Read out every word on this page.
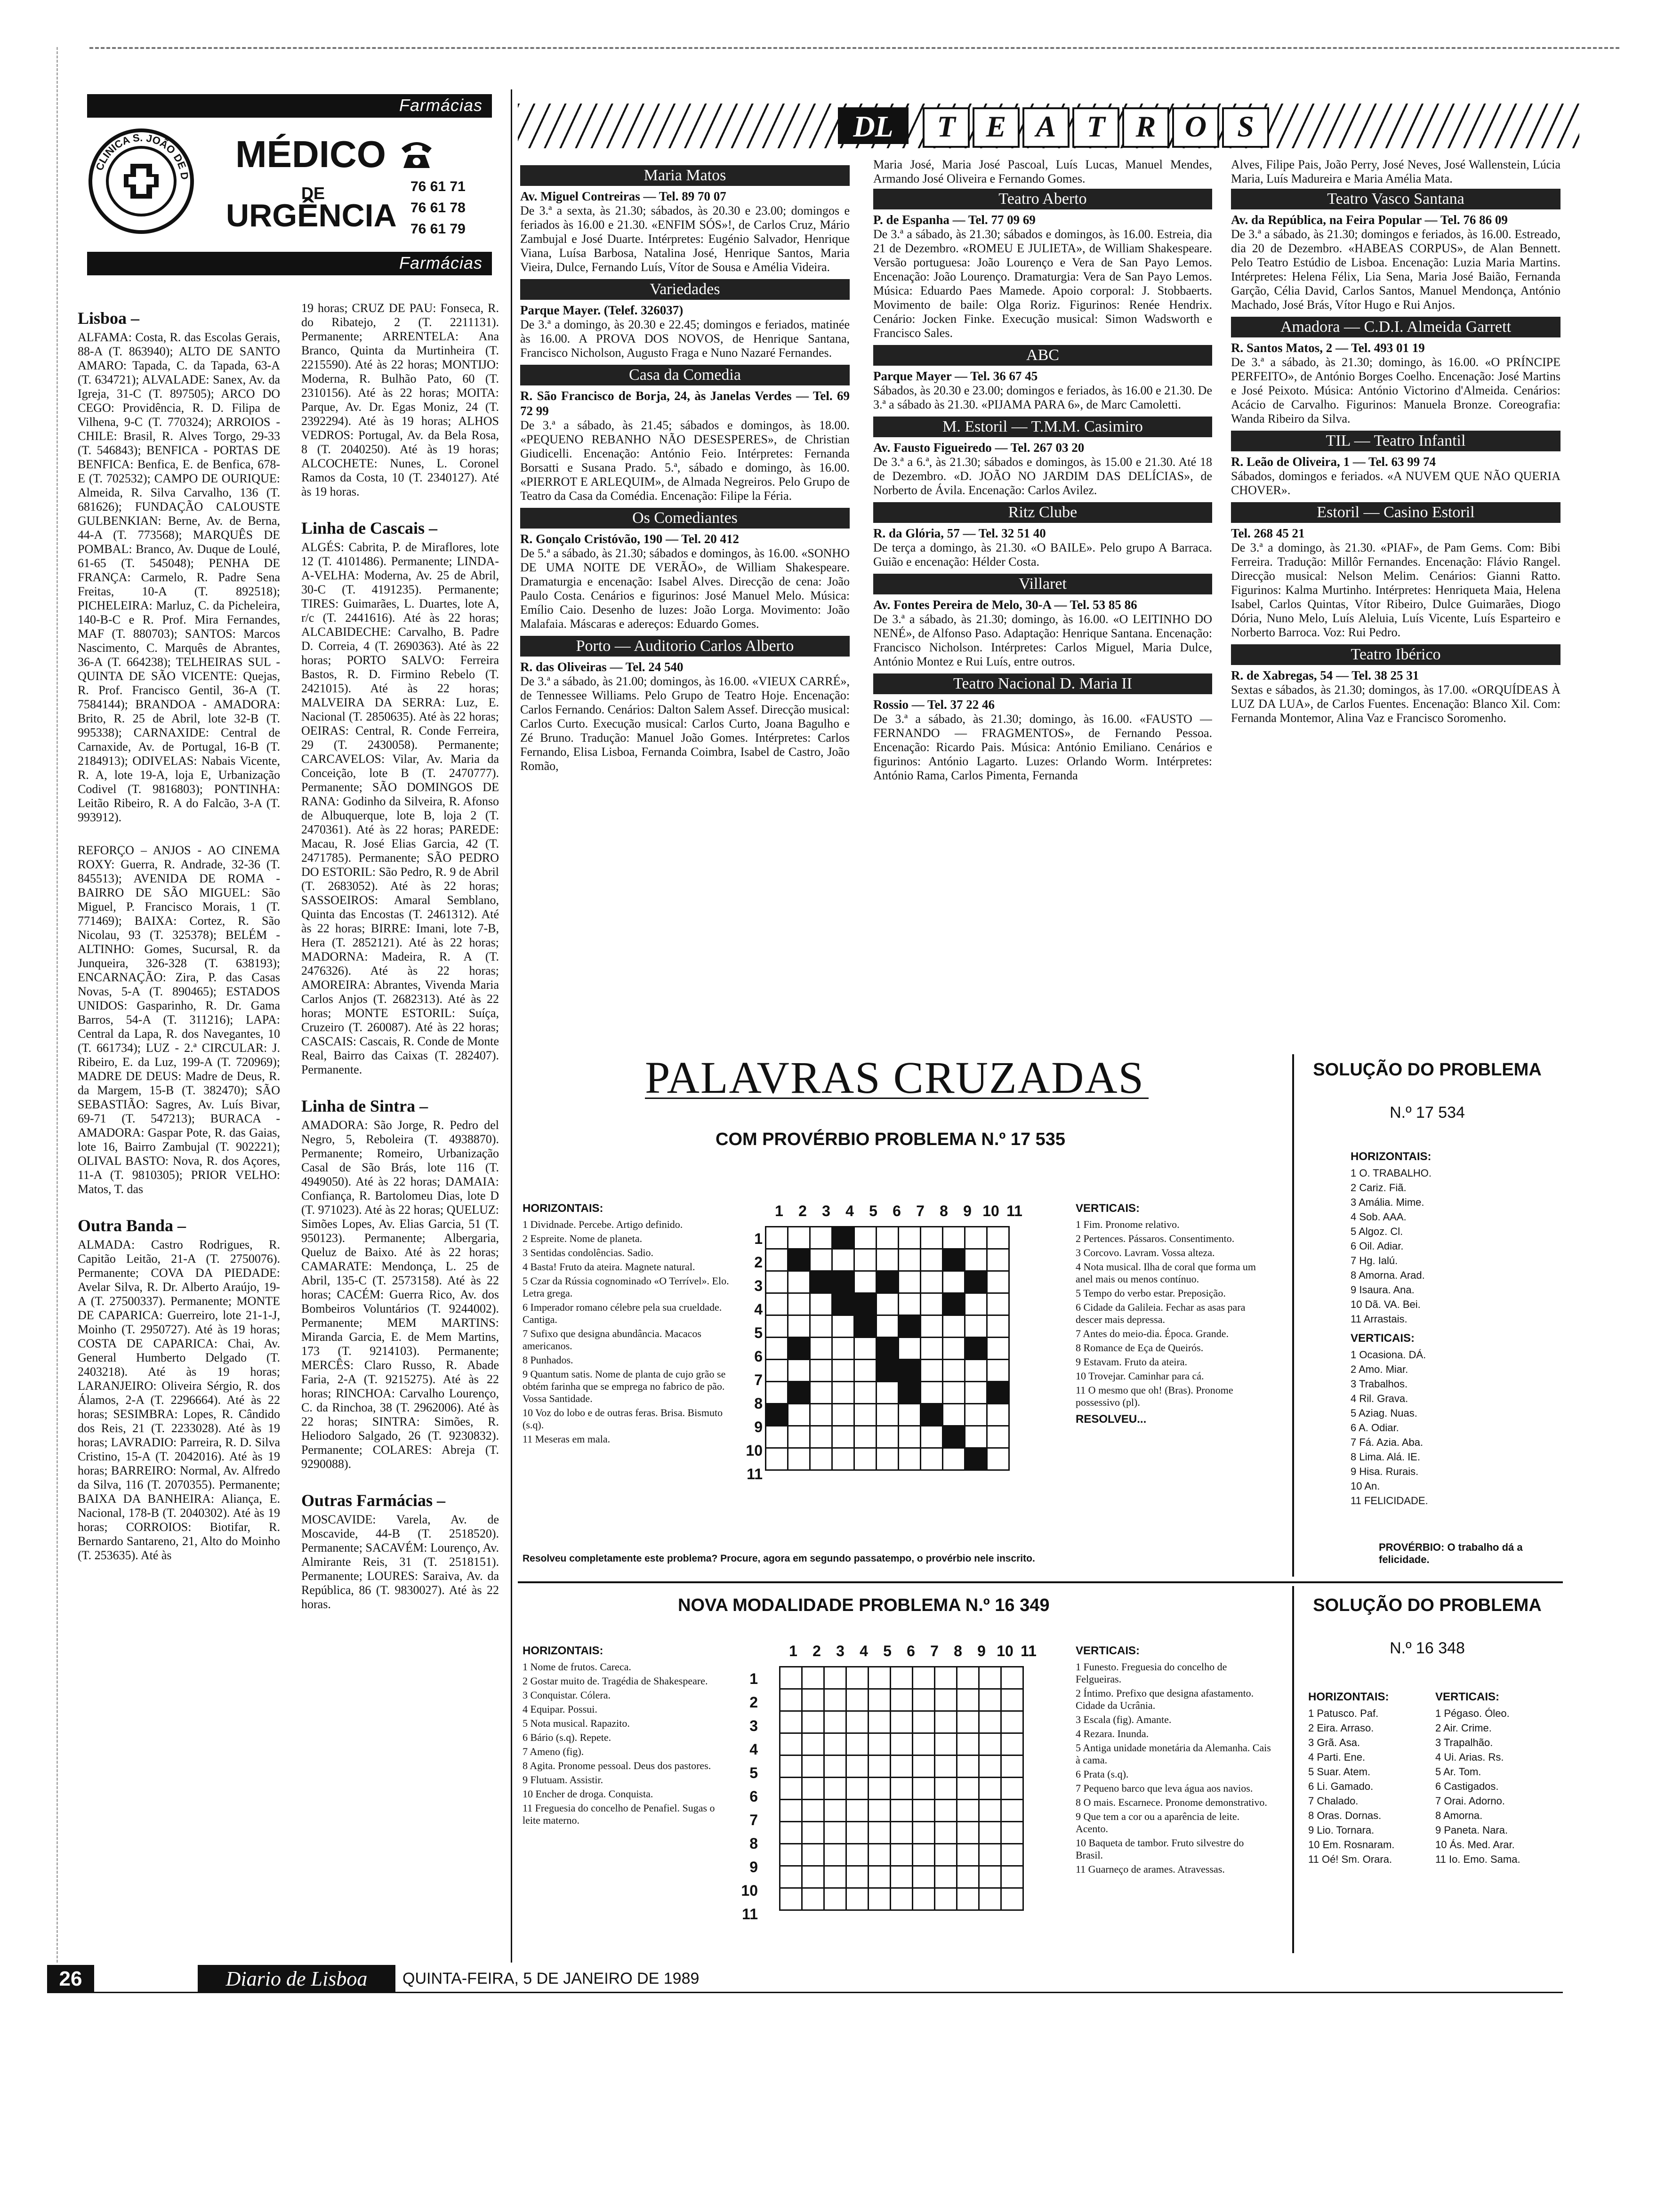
Farmácias
CLINICA S. JOÃO DE D
MÉDICO
DE
URGÊNCIA
76 61 71
76 61 78
76 61 79
Farmácias
Lisboa –

ALFAMA: Costa, R. das Escolas Gerais, 88-A (T. 863940); ALTO DE SANTO AMARO: Tapada, C. da Tapada, 63-A (T. 634721); ALVALADE: Sanex, Av. da Igreja, 31-C (T. 897505); ARCO DO CEGO: Providência, R. D. Filipa de Vilhena, 9-C (T. 770324); ARROIOS - CHILE: Brasil, R. Alves Torgo, 29-33 (T. 546843); BENFICA - PORTAS DE BENFICA: Benfica, E. de Benfica, 678-E (T. 702532); CAMPO DE OURIQUE: Almeida, R. Silva Carvalho, 136 (T. 681626); FUNDAÇÃO CALOUSTE GULBENKIAN: Berne, Av. de Berna, 44-A (T. 773568); MARQUÊS DE POMBAL: Branco, Av. Duque de Loulé, 61-65 (T. 545048); PENHA DE FRANÇA: Carmelo, R. Padre Sena Freitas, 10-A (T. 892518); PICHELEIRA: Marluz, C. da Picheleira, 140-B-C e R. Prof. Mira Fernandes, MAF (T. 880703); SANTOS: Marcos Nascimento, C. Marquês de Abrantes, 36-A (T. 664238); TELHEIRAS SUL - QUINTA DE SÃO VICENTE: Quejas, R. Prof. Francisco Gentil, 36-A (T. 7584144); BRANDOA - AMADORA: Brito, R. 25 de Abril, lote 32-B (T. 995338); CARNAXIDE: Central de Carnaxide, Av. de Portugal, 16-B (T. 2184913); ODIVELAS: Nabais Vicente, R. A, lote 19-A, loja E, Urbanização Codivel (T. 9816803); PONTINHA: Leitão Ribeiro, R. A do Falcão, 3-A (T. 993912).

REFORÇO – ANJOS - AO CINEMA ROXY: Guerra, R. Andrade, 32-36 (T. 845513); AVENIDA DE ROMA - BAIRRO DE SÃO MIGUEL: São Miguel, P. Francisco Morais, 1 (T. 771469); BAIXA: Cortez, R. São Nicolau, 93 (T. 325378); BELÉM - ALTINHO: Gomes, Sucursal, R. da Junqueira, 326-328 (T. 638193); ENCARNAÇÃO: Zira, P. das Casas Novas, 5-A (T. 890465); ESTADOS UNIDOS: Gasparinho, R. Dr. Gama Barros, 54-A (T. 311216); LAPA: Central da Lapa, R. dos Navegantes, 10 (T. 661734); LUZ - 2.ª CIRCULAR: J. Ribeiro, E. da Luz, 199-A (T. 720969); MADRE DE DEUS: Madre de Deus, R. da Margem, 15-B (T. 382470); SÃO SEBASTIÃO: Sagres, Av. Luís Bivar, 69-71 (T. 547213); BURACA - AMADORA: Gaspar Pote, R. das Gaias, lote 16, Bairro Zambujal (T. 902221); OLIVAL BASTO: Nova, R. dos Açores, 11-A (T. 9810305); PRIOR VELHO: Matos, T. das

Outra Banda –

ALMADA: Castro Rodrigues, R. Capitão Leitão, 21-A (T. 2750076). Permanente; COVA DA PIEDADE: Avelar Silva, R. Dr. Alberto Araújo, 19-A (T. 27500337). Permanente; MONTE DE CAPARICA: Guerreiro, lote 21-1-J, Moinho (T. 2950727). Até às 19 horas; COSTA DE CAPARICA: Chai, Av. General Humberto Delgado (T. 2403218). Até às 19 horas; LARANJEIRO: Oliveira Sérgio, R. dos Álamos, 2-A (T. 2296664). Até às 22 horas; SESIMBRA: Lopes, R. Cândido dos Reis, 21 (T. 2233028). Até às 19 horas; LAVRADIO: Parreira, R. D. Silva Cristino, 15-A (T. 2042016). Até às 19 horas; BARREIRO: Normal, Av. Alfredo da Silva, 116 (T. 2070355). Permanente; BAIXA DA BANHEIRA: Aliança, E. Nacional, 178-B (T. 2040302). Até às 19 horas; CORROIOS: Biotifar, R. Bernardo Santareno, 21, Alto do Moinho (T. 253635). Até às

19 horas; CRUZ DE PAU: Fonseca, R. do Ribatejo, 2 (T. 2211131). Permanente; ARRENTELA: Ana Branco, Quinta da Murtinheira (T. 2215590). Até às 22 horas; MONTIJO: Moderna, R. Bulhão Pato, 60 (T. 2310156). Até às 22 horas; MOITA: Parque, Av. Dr. Egas Moniz, 24 (T. 2392294). Até às 19 horas; ALHOS VEDROS: Portugal, Av. da Bela Rosa, 8 (T. 2040250). Até às 19 horas; ALCOCHETE: Nunes, L. Coronel Ramos da Costa, 10 (T. 2340127). Até às 19 horas.

Linha de Cascais –

ALGÉS: Cabrita, P. de Miraflores, lote 12 (T. 4101486). Permanente; LINDA-A-VELHA: Moderna, Av. 25 de Abril, 30-C (T. 4191235). Permanente; TIRES: Guimarães, L. Duartes, lote A, r/c (T. 2441616). Até às 22 horas; ALCABIDECHE: Carvalho, B. Padre D. Correia, 4 (T. 2690363). Até às 22 horas; PORTO SALVO: Ferreira Bastos, R. D. Firmino Rebelo (T. 2421015). Até às 22 horas; MALVEIRA DA SERRA: Luz, E. Nacional (T. 2850635). Até às 22 horas; OEIRAS: Central, R. Conde Ferreira, 29 (T. 2430058). Permanente; CARCAVELOS: Vilar, Av. Maria da Conceição, lote B (T. 2470777). Permanente; SÃO DOMINGOS DE RANA: Godinho da Silveira, R. Afonso de Albuquerque, lote B, loja 2 (T. 2470361). Até às 22 horas; PAREDE: Macau, R. José Elias Garcia, 42 (T. 2471785). Permanente; SÃO PEDRO DO ESTORIL: São Pedro, R. 9 de Abril (T. 2683052). Até às 22 horas; SASSOEIROS: Amaral Semblano, Quinta das Encostas (T. 2461312). Até às 22 horas; BIRRE: Imani, lote 7-B, Hera (T. 2852121). Até às 22 horas; MADORNA: Madeira, R. A (T. 2476326). Até às 22 horas; AMOREIRA: Abrantes, Vivenda Maria Carlos Anjos (T. 2682313). Até às 22 horas; MONTE ESTORIL: Suíça, Cruzeiro (T. 260087). Até às 22 horas; CASCAIS: Cascais, R. Conde de Monte Real, Bairro das Caixas (T. 282407). Permanente.

Linha de Sintra –

AMADORA: São Jorge, R. Pedro del Negro, 5, Reboleira (T. 4938870). Permanente; Romeiro, Urbanização Casal de São Brás, lote 116 (T. 4949050). Até às 22 horas; DAMAIA: Confiança, R. Bartolomeu Dias, lote D (T. 971023). Até às 22 horas; QUELUZ: Simões Lopes, Av. Elias Garcia, 51 (T. 950123). Permanente; Albergaria, Queluz de Baixo. Até às 22 horas; CAMARATE: Mendonça, L. 25 de Abril, 135-C (T. 2573158). Até às 22 horas; CACÉM: Guerra Rico, Av. dos Bombeiros Voluntários (T. 9244002). Permanente; MEM MARTINS: Miranda Garcia, E. de Mem Martins, 173 (T. 9214103). Permanente; MERCÊS: Claro Russo, R. Abade Faria, 2-A (T. 9215275). Até às 22 horas; RINCHOA: Carvalho Lourenço, C. da Rinchoa, 38 (T. 2962006). Até às 22 horas; SINTRA: Simões, R. Heliodoro Salgado, 26 (T. 9230832). Permanente; COLARES: Abreja (T. 9290088).

Outras Farmácias –

MOSCAVIDE: Varela, Av. de Moscavide, 44-B (T. 2518520). Permanente; SACAVÉM: Lourenço, Av. Almirante Reis, 31 (T. 2518151). Permanente; LOURES: Saraiva, Av. da República, 86 (T. 9830027). Até às 22 horas.

DL	T	E A	T	R O	S
Maria Matos
Av. Miguel Contreiras — Tel. 89 70 07
De 3.ª a sexta, às 21.30; sábados, às 20.30 e 23.00; domingos e feriados às 16.00 e 21.30. «ENFIM SÓS»!, de Carlos Cruz, Mário Zambujal e José Duarte. Intérpretes: Eugénio Salvador, Henrique Viana, Luísa Barbosa, Natalina José, Henrique Santos, Maria Vieira, Dulce, Fernando Luís, Vítor de Sousa e Amélia Videira.
Variedades
Parque Mayer. (Telef. 326037)
De 3.ª a domingo, às 20.30 e 22.45; domingos e feriados, matinée às 16.00. A PROVA DOS NOVOS, de Henrique Santana, Francisco Nicholson, Augusto Fraga e Nuno Nazaré Fernandes.
Casa da Comedia
R. São Francisco de Borja, 24, às Janelas Verdes — Tel. 69 72 99
De 3.ª a sábado, às 21.45; sábados e domingos, às 18.00. «PEQUENO REBANHO NÃO DESESPERES», de Christian Giudicelli. Encenação: António Feio. Intérpretes: Fernanda Borsatti e Susana Prado. 5.ª, sábado e domingo, às 16.00. «PIERROT E ARLEQUIM», de Almada Negreiros. Pelo Grupo de Teatro da Casa da Comédia. Encenação: Filipe la Féria.
Os Comediantes
R. Gonçalo Cristóvão, 190 — Tel. 20 412
De 5.ª a sábado, às 21.30; sábados e domingos, às 16.00. «SONHO DE UMA NOITE DE VERÃO», de William Shakespeare. Dramaturgia e encenação: Isabel Alves. Direcção de cena: João Paulo Costa. Cenários e figurinos: José Manuel Melo. Música: Emílio Caio. Desenho de luzes: João Lorga. Movimento: João Malafaia. Máscaras e adereços: Eduardo Gomes.
Porto — Auditorio Carlos Alberto
R. das Oliveiras — Tel. 24 540
De 3.ª a sábado, às 21.00; domingos, às 16.00. «VIEUX CARRÉ», de Tennessee Williams. Pelo Grupo de Teatro Hoje. Encenação: Carlos Fernando. Cenários: Dalton Salem Assef. Direcção musical: Carlos Curto. Execução musical: Carlos Curto, Joana Bagulho e Zé Bruno. Tradução: Manuel João Gomes. Intérpretes: Carlos Fernando, Elisa Lisboa, Fernanda Coimbra, Isabel de Castro, João Romão,
Maria José, Maria José Pascoal, Luís Lucas, Manuel Mendes, Armando José Oliveira e Fernando Gomes.
Teatro Aberto
P. de Espanha — Tel. 77 09 69
De 3.ª a sábado, às 21.30; sábados e domingos, às 16.00. Estreia, dia 21 de Dezembro. «ROMEU E JULIETA», de William Shakespeare. Versão portuguesa: João Lourenço e Vera de San Payo Lemos. Encenação: João Lourenço. Dramaturgia: Vera de San Payo Lemos. Música: Eduardo Paes Mamede. Apoio corporal: J. Stobbaerts. Movimento de baile: Olga Roriz. Figurinos: Renée Hendrix. Cenário: Jocken Finke. Execução musical: Simon Wadsworth e Francisco Sales.
ABC
Parque Mayer — Tel. 36 67 45
Sábados, às 20.30 e 23.00; domingos e feriados, às 16.00 e 21.30. De 3.ª a sábado às 21.30. «PIJAMA PARA 6», de Marc Camoletti.
M. Estoril — T.M.M. Casimiro
Av. Fausto Figueiredo — Tel. 267 03 20
De 3.ª a 6.ª, às 21.30; sábados e domingos, às 15.00 e 21.30. Até 18 de Dezembro. «D. JOÃO NO JARDIM DAS DELÍCIAS», de Norberto de Ávila. Encenação: Carlos Avilez.
Ritz Clube
R. da Glória, 57 — Tel. 32 51 40
De terça a domingo, às 21.30. «O BAILE». Pelo grupo A Barraca. Guião e encenação: Hélder Costa.
Villaret
Av. Fontes Pereira de Melo, 30-A — Tel. 53 85 86
De 3.ª a sábado, às 21.30; domingo, às 16.00. «O LEITINHO DO NENÉ», de Alfonso Paso. Adaptação: Henrique Santana. Encenação: Francisco Nicholson. Intérpretes: Carlos Miguel, Maria Dulce, António Montez e Rui Luís, entre outros.
Teatro Nacional D. Maria II
Rossio — Tel. 37 22 46
De 3.ª a sábado, às 21.30; domingo, às 16.00. «FAUSTO — FERNANDO — FRAGMENTOS», de Fernando Pessoa. Encenação: Ricardo Pais. Música: António Emiliano. Cenários e figurinos: António Lagarto. Luzes: Orlando Worm. Intérpretes: António Rama, Carlos Pimenta, Fernanda
Alves, Filipe Pais, João Perry, José Neves, José Wallenstein, Lúcia Maria, Luís Madureira e Maria Amélia Mata.
Teatro Vasco Santana
Av. da República, na Feira Popular — Tel. 76 86 09
De 3.ª a sábado, às 21.30; domingos e feriados, às 16.00. Estreado, dia 20 de Dezembro. «HABEAS CORPUS», de Alan Bennett. Pelo Teatro Estúdio de Lisboa. Encenação: Luzia Maria Martins. Intérpretes: Helena Félix, Lia Sena, Maria José Baião, Fernanda Garção, Célia David, Carlos Santos, Manuel Mendonça, António Machado, José Brás, Vítor Hugo e Rui Anjos.
Amadora — C.D.I. Almeida Garrett
R. Santos Matos, 2 — Tel. 493 01 19
De 3.ª a sábado, às 21.30; domingo, às 16.00. «O PRÍNCIPE PERFEITO», de António Borges Coelho. Encenação: José Martins e José Peixoto. Música: António Victorino d'Almeida. Cenários: Acácio de Carvalho. Figurinos: Manuela Bronze. Coreografia: Wanda Ribeiro da Silva.
TIL — Teatro Infantil
R. Leão de Oliveira, 1 — Tel. 63 99 74
Sábados, domingos e feriados. «A NUVEM QUE NÃO QUERIA CHOVER».
Estoril — Casino Estoril
Tel. 268 45 21
De 3.ª a domingo, às 21.30. «PIAF», de Pam Gems. Com: Bibi Ferreira. Tradução: Millôr Fernandes. Encenação: Flávio Rangel. Direcção musical: Nelson Melim. Cenários: Gianni Ratto. Figurinos: Kalma Murtinho. Intérpretes: Henriqueta Maia, Helena Isabel, Carlos Quintas, Vítor Ribeiro, Dulce Guimarães, Diogo Dória, Nuno Melo, Luís Aleluia, Luís Vicente, Luís Esparteiro e Norberto Barroca. Voz: Rui Pedro.
Teatro Ibérico
R. de Xabregas, 54 — Tel. 38 25 31
Sextas e sábados, às 21.30; domingos, às 17.00. «ORQUÍDEAS À LUZ DA LUA», de Carlos Fuentes. Encenação: Blanco Xil. Com: Fernanda Montemor, Alina Vaz e Francisco Soromenho.
PALAVRAS CRUZADAS
COM PROVÉRBIO PROBLEMA N.º 17 535
HORIZONTAIS:
1 Dividnade. Percebe. Artigo definido.
2 Espreite. Nome de planeta.
3 Sentidas condolências. Sadio.
4 Basta! Fruto da ateira. Magnete natural.
5 Czar da Rússia cognominado «O Terrível». Elo. Letra grega.
6 Imperador romano célebre pela sua crueldade. Cantiga.
7 Sufixo que designa abundância. Macacos americanos.
8 Punhados.
9 Quantum satis. Nome de planta de cujo grão se obtém farinha que se emprega no fabrico de pão. Vossa Santidade.
10 Voz do lobo e de outras feras. Brisa. Bismuto (s.q).
11 Meseras em mala.
1	2	3	4	5	6	7	8	9 10 11
1
2
3
4
5
6
7
8
9
10
11

VERTICAIS:
1 Fim. Pronome relativo.
2 Pertences. Pássaros. Consentimento.
3 Corcovo. Lavram. Vossa alteza.
4 Nota musical. Ilha de coral que forma um anel mais ou menos contínuo.
5 Tempo do verbo estar. Preposição.
6 Cidade da Galileia. Fechar as asas para descer mais depressa.
7 Antes do meio-dia. Época. Grande.
8 Romance de Eça de Queirós.
9 Estavam. Fruto da ateira.
10 Trovejar. Caminhar para cá.
11 O mesmo que oh! (Bras). Pronome possessivo (pl).
RESOLVEU...
Resolveu completamente este problema? Procure, agora em segundo passatempo, o provérbio nele inscrito.
SOLUÇÃO DO PROBLEMA
N.º 17 534
HORIZONTAIS:
1 O. TRABALHO.
2 Cariz. Fiã.
3 Amália. Mime.
4 Sob. AAA.
5 Algoz. Cl.
6 Oil. Adiar.
7 Hg. Ialú.
8 Amorna. Arad.
9 Isaura. Ana.
10 Dã. VA. Bei.
11 Arrastais.
VERTICAIS:
1 Ocasiona. DÁ.
2 Amo. Miar.
3 Trabalhos.
4 Ril. Grava.
5 Aziag. Nuas.
6 A. Odiar.
7 Fá. Azia. Aba.
8 Lima. Alá. IE.
9 Hisa. Rurais.
10 An.
11 FELICIDADE.
PROVÉRBIO: O trabalho dá a felicidade.
NOVA MODALIDADE PROBLEMA N.º 16 349
HORIZONTAIS:
1 Nome de frutos. Careca.
2 Gostar muito de. Tragédia de Shakespeare.
3 Conquistar. Cólera.
4 Equipar. Possui.
5 Nota musical. Rapazito.
6 Bário (s.q). Repete.
7 Ameno (fig).
8 Agita. Pronome pessoal. Deus dos pastores.
9 Flutuam. Assistir.
10 Encher de droga. Conquista.
11 Freguesia do concelho de Penafiel. Sugas o leite materno.
1	2	3	4	5	6	7	8	9 10 11
1
2
3
4
5
6
7
8
9
10
11

VERTICAIS:
1 Funesto. Freguesia do concelho de Felgueiras.
2 Íntimo. Prefixo que designa afastamento. Cidade da Ucrânia.
3 Escala (fig). Amante.
4 Rezara. Inunda.
5 Antiga unidade monetária da Alemanha. Cais à cama.
6 Prata (s.q).
7 Pequeno barco que leva água aos navios.
8 O mais. Escarnece. Pronome demonstrativo.
9 Que tem a cor ou a aparência de leite. Acento.
10 Baqueta de tambor. Fruto silvestre do Brasil.
11 Guarneço de arames. Atravessas.
SOLUÇÃO DO PROBLEMA
N.º 16 348
HORIZONTAIS:
1 Patusco. Paf.
2 Eira. Arraso.
3 Grã. Asa.
4 Parti. Ene.
5 Suar. Atem.
6 Li. Gamado.
7 Chalado.
8 Oras. Dornas.
9 Lio. Tornara.
10 Em. Rosnaram.
11 Oé! Sm. Orara.
VERTICAIS:
1 Pégaso. Óleo.
2 Air. Crime.
3 Trapalhão.
4 Ui. Arias. Rs.
5 Ar. Tom.
6 Castigados.
7 Orai. Adorno.
8 Amorna.
9 Paneta. Nara.
10 Ás. Med. Arar.
11 Io. Emo. Sama.
26	Diario de Lisboa	QUINTA-FEIRA, 5 DE JANEIRO DE 1989
